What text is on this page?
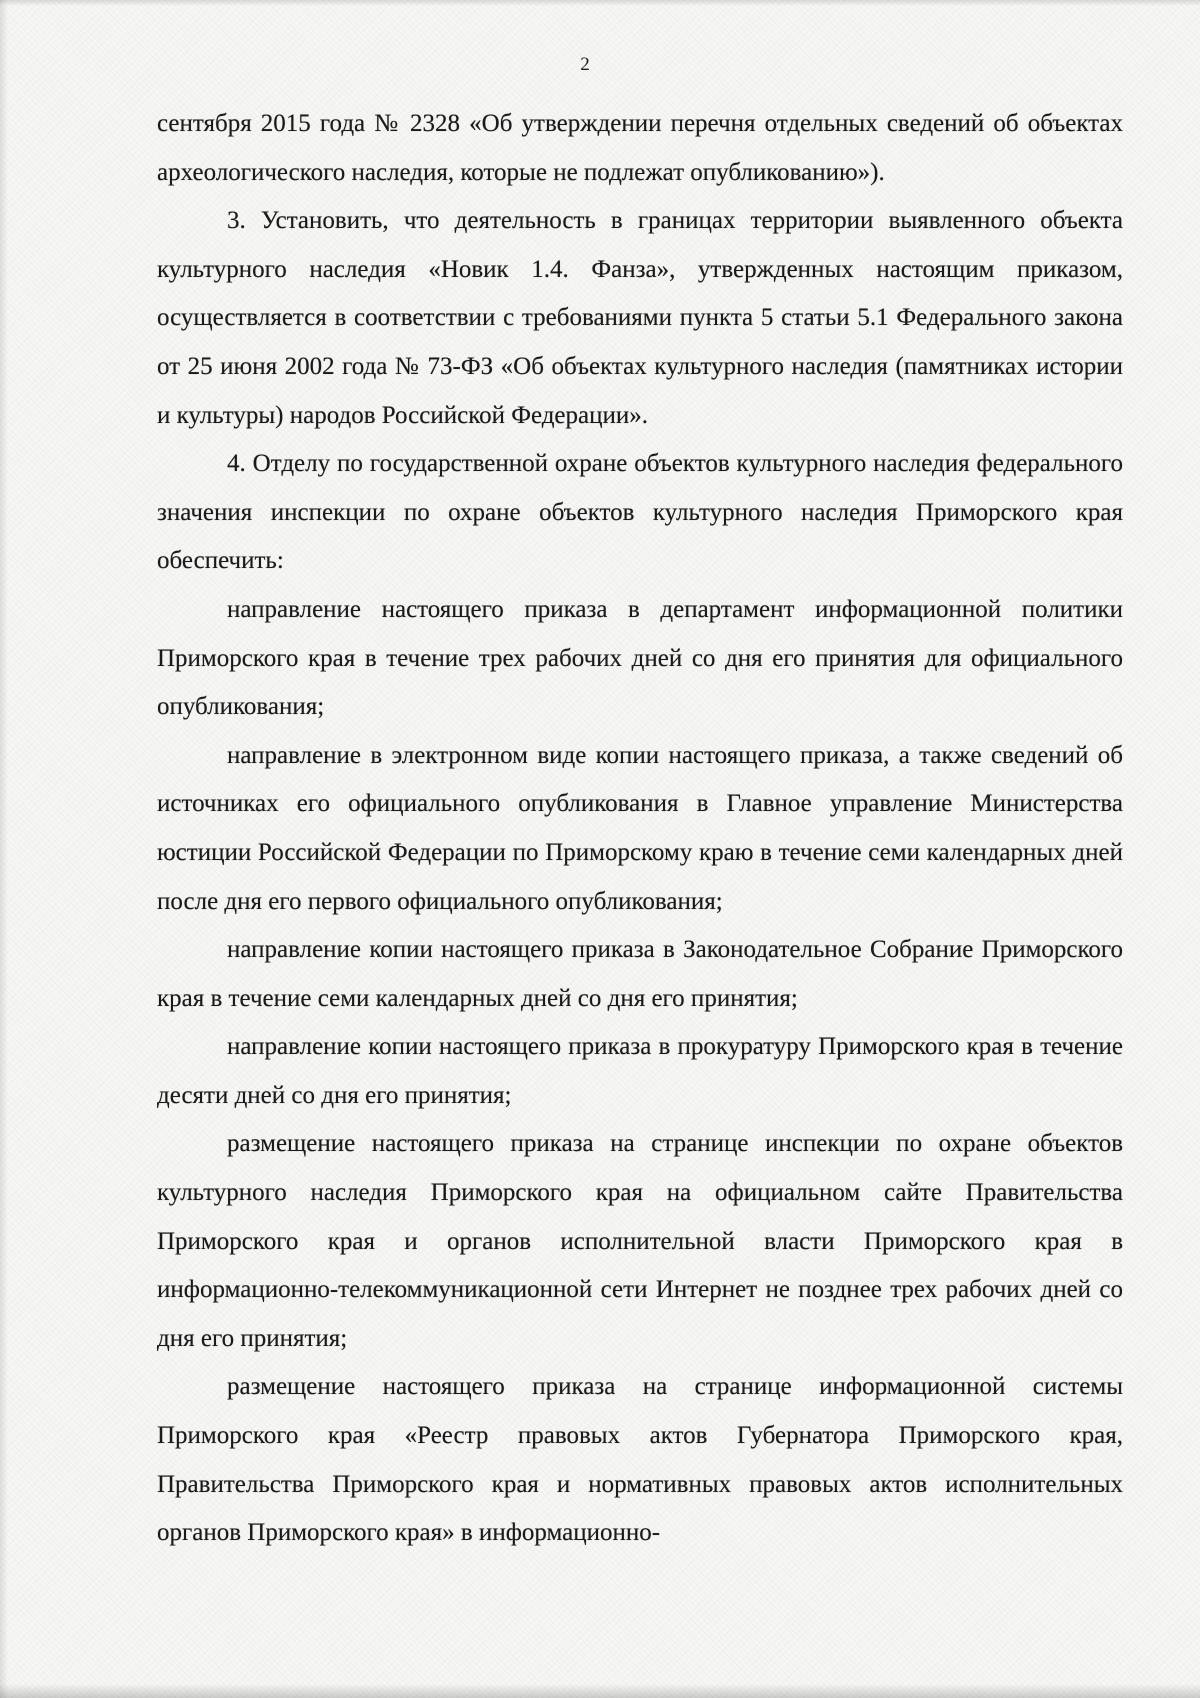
2

сентября 2015 года № 2328 «Об утверждении перечня отдельных сведений об объектах археологического наследия, которые не подлежат опубликованию»).

3. Установить, что деятельность в границах территории выявленного объекта культурного наследия «Новик 1.4. Фанза», утвержденных настоящим приказом, осуществляется в соответствии с требованиями пункта 5 статьи 5.1 Федерального закона от 25 июня 2002 года № 73-ФЗ «Об объектах культурного наследия (памятниках истории и культуры) народов Российской Федерации».

4. Отделу по государственной охране объектов культурного наследия федерального значения инспекции по охране объектов культурного наследия Приморского края обеспечить:

направление настоящего приказа в департамент информационной политики Приморского края в течение трех рабочих дней со дня его принятия для официального опубликования;

направление в электронном виде копии настоящего приказа, а также сведений об источниках его официального опубликования в Главное управление Министерства юстиции Российской Федерации по Приморскому краю в течение семи календарных дней после дня его первого официального опубликования;

направление копии настоящего приказа в Законодательное Собрание Приморского края в течение семи календарных дней со дня его принятия;

направление копии настоящего приказа в прокуратуру Приморского края в течение десяти дней со дня его принятия;

размещение настоящего приказа на странице инспекции по охране объектов культурного наследия Приморского края на официальном сайте Правительства Приморского края и органов исполнительной власти Приморского края в информационно-телекоммуникационной сети Интернет не позднее трех рабочих дней со дня его принятия;

размещение настоящего приказа на странице информационной системы Приморского края «Реестр правовых актов Губернатора Приморского края, Правительства Приморского края и нормативных правовых актов исполнительных органов Приморского края» в информационно-
